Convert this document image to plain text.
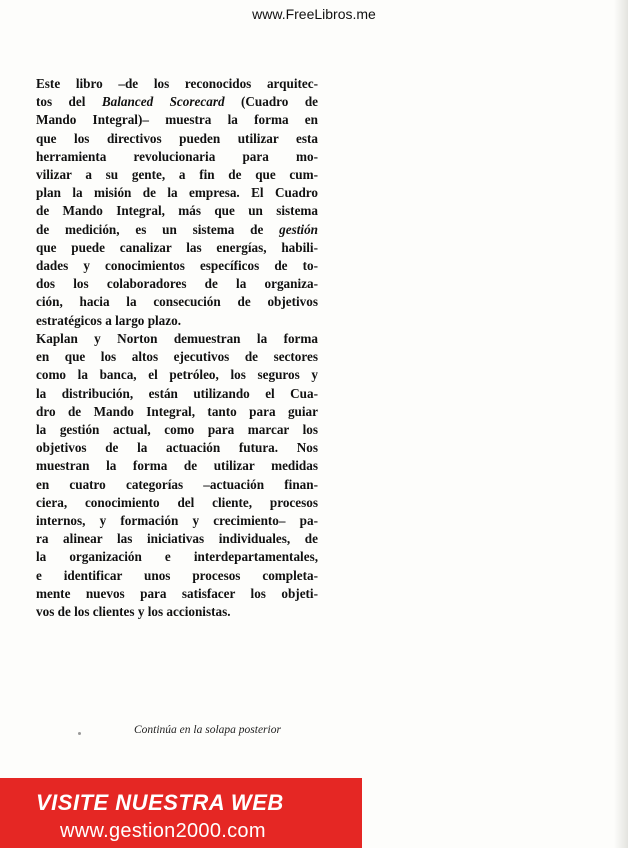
www.FreeLibros.me
Este libro –de los reconocidos arquitec-
tos del Balanced Scorecard (Cuadro de
Mando Integral)– muestra la forma en
que los directivos pueden utilizar esta
herramienta revolucionaria para mo-
vilizar a su gente, a fin de que cum-
plan la misión de la empresa. El Cuadro
de Mando Integral, más que un sistema
de medición, es un sistema de gestión
que puede canalizar las energías, habili-
dades y conocimientos específicos de to-
dos los colaboradores de la organiza-
ción, hacia la consecución de objetivos
estratégicos a largo plazo.
Kaplan y Norton demuestran la forma
en que los altos ejecutivos de sectores
como la banca, el petróleo, los seguros y
la distribución, están utilizando el Cua-
dro de Mando Integral, tanto para guiar
la gestión actual, como para marcar los
objetivos de la actuación futura. Nos
muestran la forma de utilizar medidas
en cuatro categorías –actuación finan-
ciera, conocimiento del cliente, procesos
internos, y formación y crecimiento– pa-
ra alinear las iniciativas individuales, de
la organización e interdepartamentales,
e identificar unos procesos completa-
mente nuevos para satisfacer los objeti-
vos de los clientes y los accionistas.
Continúa en la solapa posterior
VISITE NUESTRA WEB
www.gestion2000.com
